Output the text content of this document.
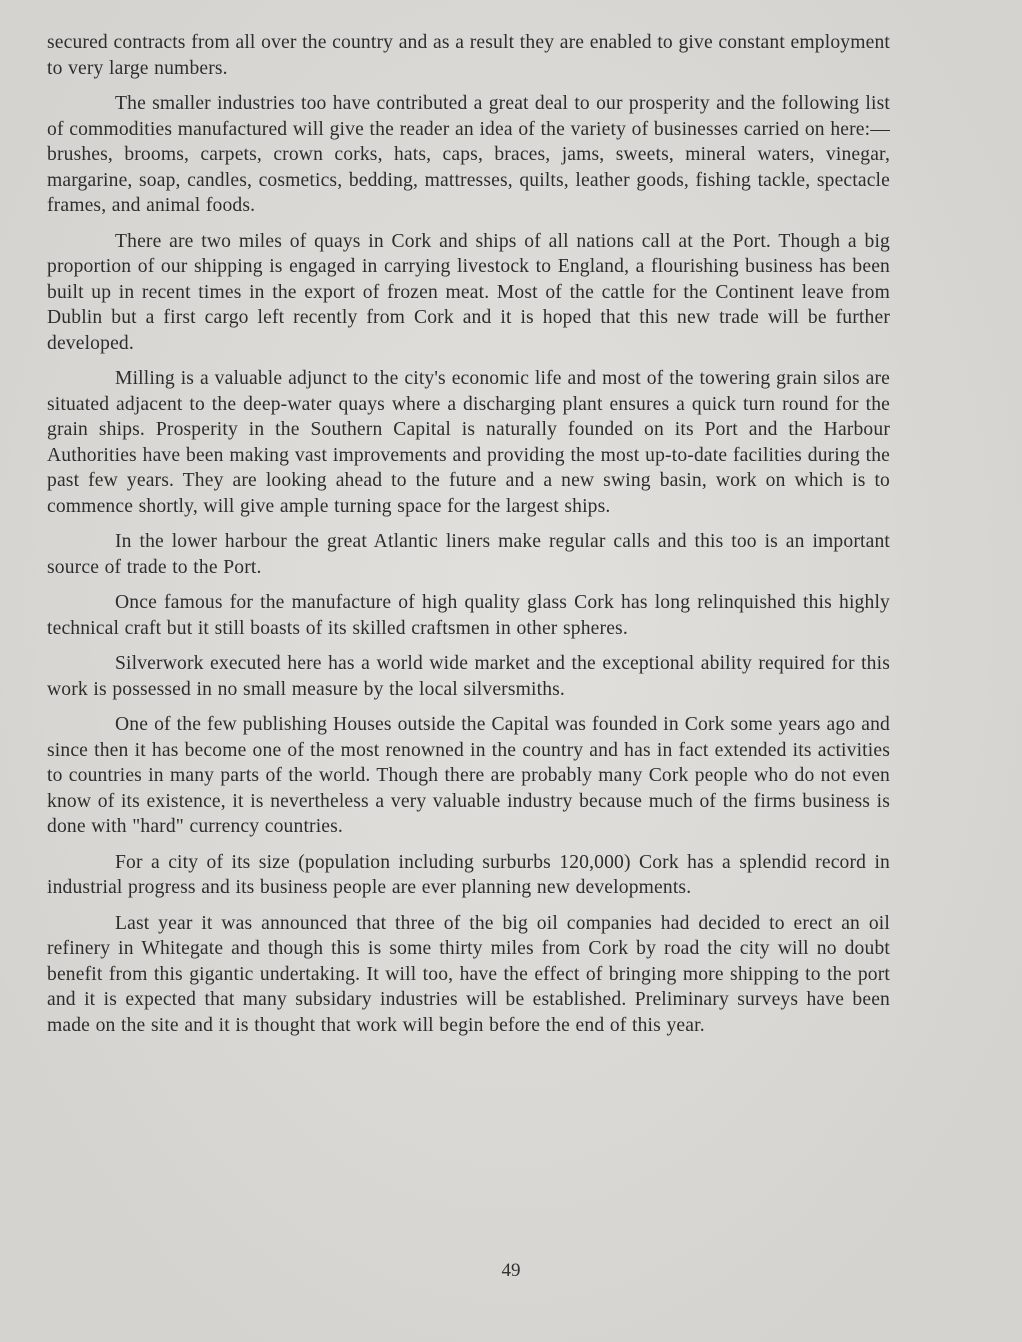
secured contracts from all over the country and as a result they are enabled to give constant employment to very large numbers.

The smaller industries too have contributed a great deal to our prosperity and the following list of commodities manufactured will give the reader an idea of the variety of businesses carried on here:— brushes, brooms, carpets, crown corks, hats, caps, braces, jams, sweets, mineral waters, vinegar, margarine, soap, candles, cosmetics, bedding, mattresses, quilts, leather goods, fishing tackle, spectacle frames, and animal foods.

There are two miles of quays in Cork and ships of all nations call at the Port. Though a big proportion of our shipping is engaged in carrying livestock to England, a flourishing business has been built up in recent times in the export of frozen meat. Most of the cattle for the Continent leave from Dublin but a first cargo left recently from Cork and it is hoped that this new trade will be further developed.

Milling is a valuable adjunct to the city's economic life and most of the towering grain silos are situated adjacent to the deep-water quays where a discharging plant ensures a quick turn round for the grain ships. Prosperity in the Southern Capital is naturally founded on its Port and the Harbour Authorities have been making vast improvements and providing the most up-to-date facilities during the past few years. They are looking ahead to the future and a new swing basin, work on which is to commence shortly, will give ample turning space for the largest ships.

In the lower harbour the great Atlantic liners make regular calls and this too is an important source of trade to the Port.

Once famous for the manufacture of high quality glass Cork has long relinquished this highly technical craft but it still boasts of its skilled craftsmen in other spheres.

Silverwork executed here has a world wide market and the exceptional ability required for this work is possessed in no small measure by the local silversmiths.

One of the few publishing Houses outside the Capital was founded in Cork some years ago and since then it has become one of the most renowned in the country and has in fact extended its activities to countries in many parts of the world. Though there are probably many Cork people who do not even know of its existence, it is nevertheless a very valuable industry because much of the firms business is done with "hard" currency countries.

For a city of its size (population including surburbs 120,000) Cork has a splendid record in industrial progress and its business people are ever planning new developments.

Last year it was announced that three of the big oil companies had decided to erect an oil refinery in Whitegate and though this is some thirty miles from Cork by road the city will no doubt benefit from this gigantic undertaking. It will too, have the effect of bringing more shipping to the port and it is expected that many subsidary industries will be established. Preliminary surveys have been made on the site and it is thought that work will begin before the end of this year.

49
